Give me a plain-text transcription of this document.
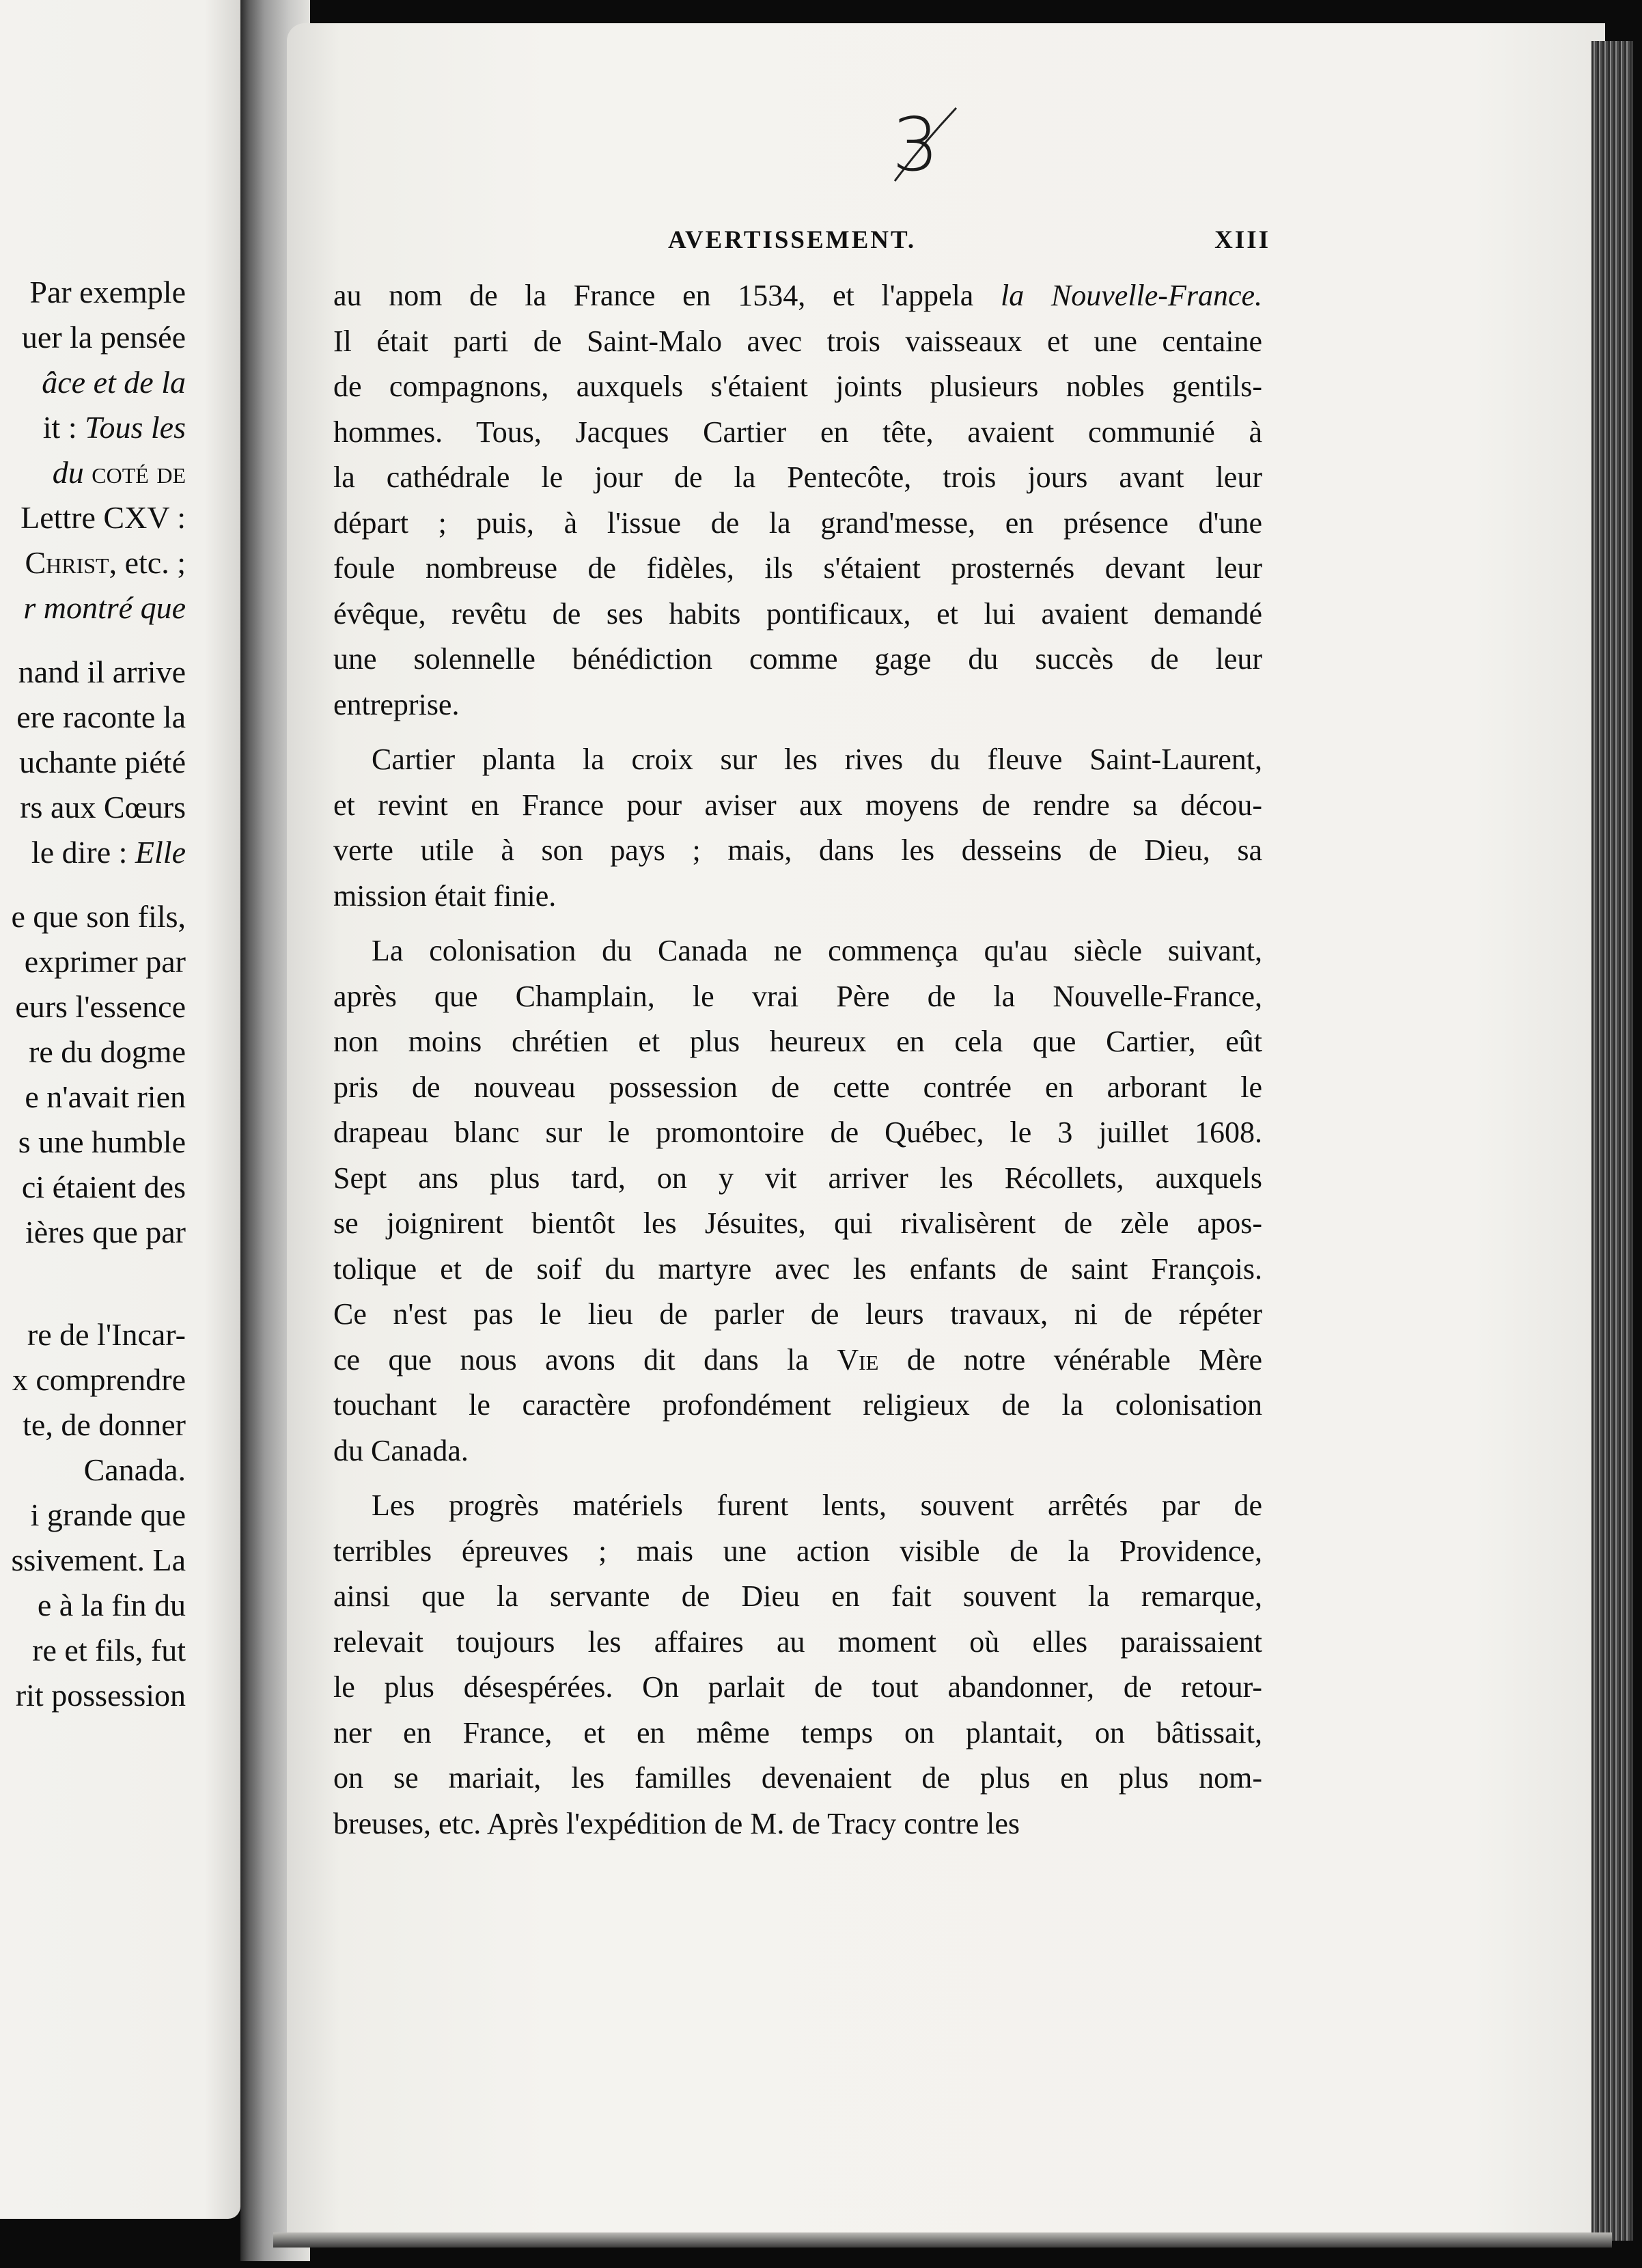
Par exemple
uer la pensée
âce et de la
it : Tous les
du coté de
Lettre CXV :
Christ, etc. ;
r montré que
nand il arrive
ere raconte la
uchante piété
rs aux Cœurs
le dire : Elle
e que son fils,
exprimer par
eurs l'essence
re du dogme
e n'avait rien
s une humble
ci étaient des
ières que par
re de l'Incar-
x comprendre
te, de donner
Canada.
i grande que
ssivement. La
e à la fin du
re et fils, fut
rit possession
3
AVERTISSEMENT.	XIII
au nom de la France en 1534, et l'appela la Nouvelle-France.
Il était parti de Saint-Malo avec trois vaisseaux et une centaine
de compagnons, auxquels s'étaient joints plusieurs nobles gentils-
hommes. Tous, Jacques Cartier en tête, avaient communié à
la cathédrale le jour de la Pentecôte, trois jours avant leur
départ ; puis, à l'issue de la grand'messe, en présence d'une
foule nombreuse de fidèles, ils s'étaient prosternés devant leur
évêque, revêtu de ses habits pontificaux, et lui avaient demandé
une solennelle bénédiction comme gage du succès de leur
entreprise.
Cartier planta la croix sur les rives du fleuve Saint-Laurent,
et revint en France pour aviser aux moyens de rendre sa décou-
verte utile à son pays ; mais, dans les desseins de Dieu, sa
mission était finie.
La colonisation du Canada ne commença qu'au siècle suivant,
après que Champlain, le vrai Père de la Nouvelle-France,
non moins chrétien et plus heureux en cela que Cartier, eût
pris de nouveau possession de cette contrée en arborant le
drapeau blanc sur le promontoire de Québec, le 3 juillet 1608.
Sept ans plus tard, on y vit arriver les Récollets, auxquels
se joignirent bientôt les Jésuites, qui rivalisèrent de zèle apos-
tolique et de soif du martyre avec les enfants de saint François.
Ce n'est pas le lieu de parler de leurs travaux, ni de répéter
ce que nous avons dit dans la Vie de notre vénérable Mère
touchant le caractère profondément religieux de la colonisation
du Canada.
Les progrès matériels furent lents, souvent arrêtés par de
terribles épreuves ; mais une action visible de la Providence,
ainsi que la servante de Dieu en fait souvent la remarque,
relevait toujours les affaires au moment où elles paraissaient
le plus désespérées. On parlait de tout abandonner, de retour-
ner en France, et en même temps on plantait, on bâtissait,
on se mariait, les familles devenaient de plus en plus nom-
breuses, etc. Après l'expédition de M. de Tracy contre les
